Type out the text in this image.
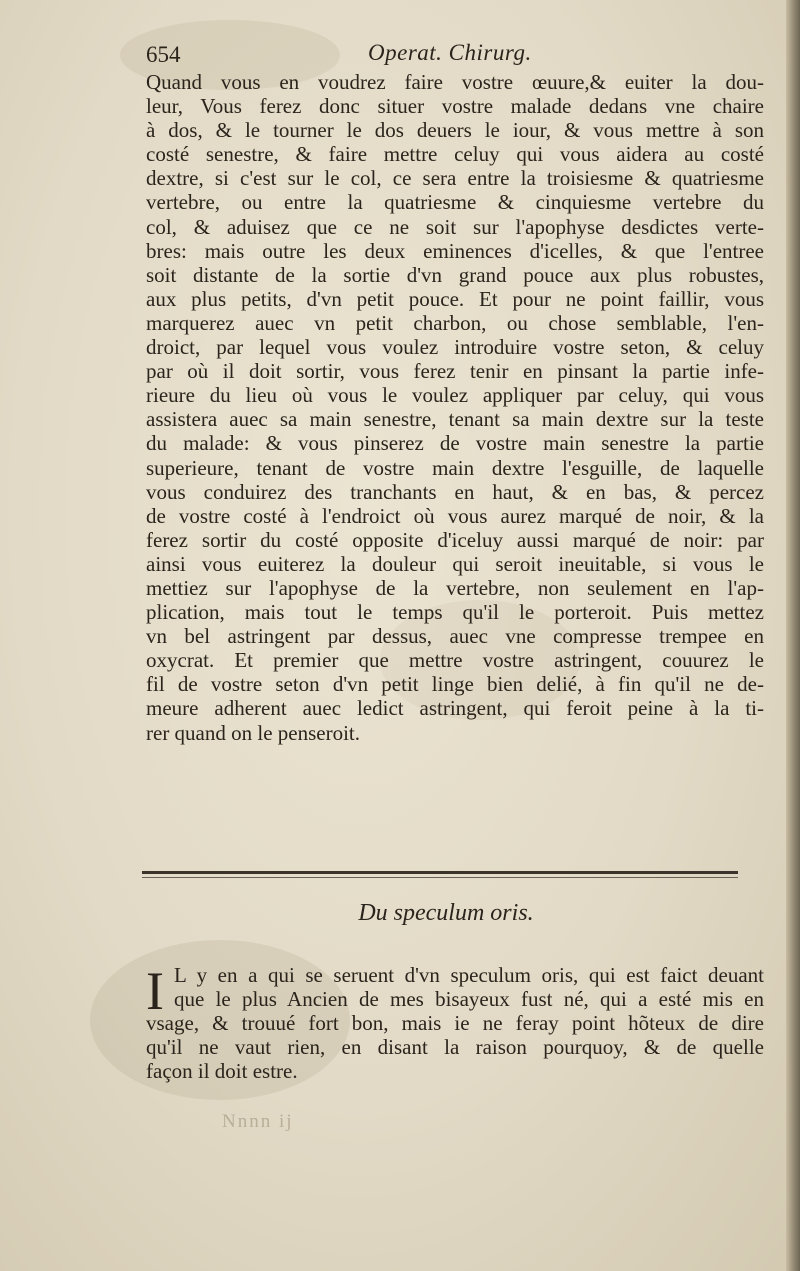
654	Operat. Chirurg.
Quand vous en voudrez faire vostre œuure,& euiter la dou-
leur, Vous ferez donc situer vostre malade dedans vne chaire
à dos, & le tourner le dos deuers le iour, & vous mettre à son
costé senestre, & faire mettre celuy qui vous aidera au costé
dextre, si c'est sur le col, ce sera entre la troisiesme & quatriesme
vertebre, ou entre la quatriesme & cinquiesme vertebre du
col, & aduisez que ce ne soit sur l'apophyse desdictes verte-
bres: mais outre les deux eminences d'icelles, & que l'entree
soit distante de la sortie d'vn grand pouce aux plus robustes,
aux plus petits, d'vn petit pouce. Et pour ne point faillir, vous
marquerez auec vn petit charbon, ou chose semblable, l'en-
droict, par lequel vous voulez introduire vostre seton, & celuy
par où il doit sortir, vous ferez tenir en pinsant la partie infe-
rieure du lieu où vous le voulez appliquer par celuy, qui vous
assistera auec sa main senestre, tenant sa main dextre sur la teste
du malade: & vous pinserez de vostre main senestre la partie
superieure, tenant de vostre main dextre l'esguille, de laquelle
vous conduirez des tranchants en haut, & en bas, & percez
de vostre costé à l'endroict où vous aurez marqué de noir, & la
ferez sortir du costé opposite d'iceluy aussi marqué de noir: par
ainsi vous euiterez la douleur qui seroit ineuitable, si vous le
mettiez sur l'apophyse de la vertebre, non seulement en l'ap-
plication, mais tout le temps qu'il le porteroit. Puis mettez
vn bel astringent par dessus, auec vne compresse trempee en
oxycrat. Et premier que mettre vostre astringent, couurez le
fil de vostre seton d'vn petit linge bien delié, à fin qu'il ne de-
meure adherent auec ledict astringent, qui feroit peine à la ti-
rer quand on le penseroit.
Du speculum oris.
I L y en a qui se seruent d'vn speculum oris, qui est faict deuant
que le plus Ancien de mes bisayeux fust né, qui a esté mis en
vsage, & trouué fort bon, mais ie ne feray point hõteux de dire
qu'il ne vaut rien, en disant la raison pourquoy, & de quelle
façon il doit estre.
Nnnn ij
